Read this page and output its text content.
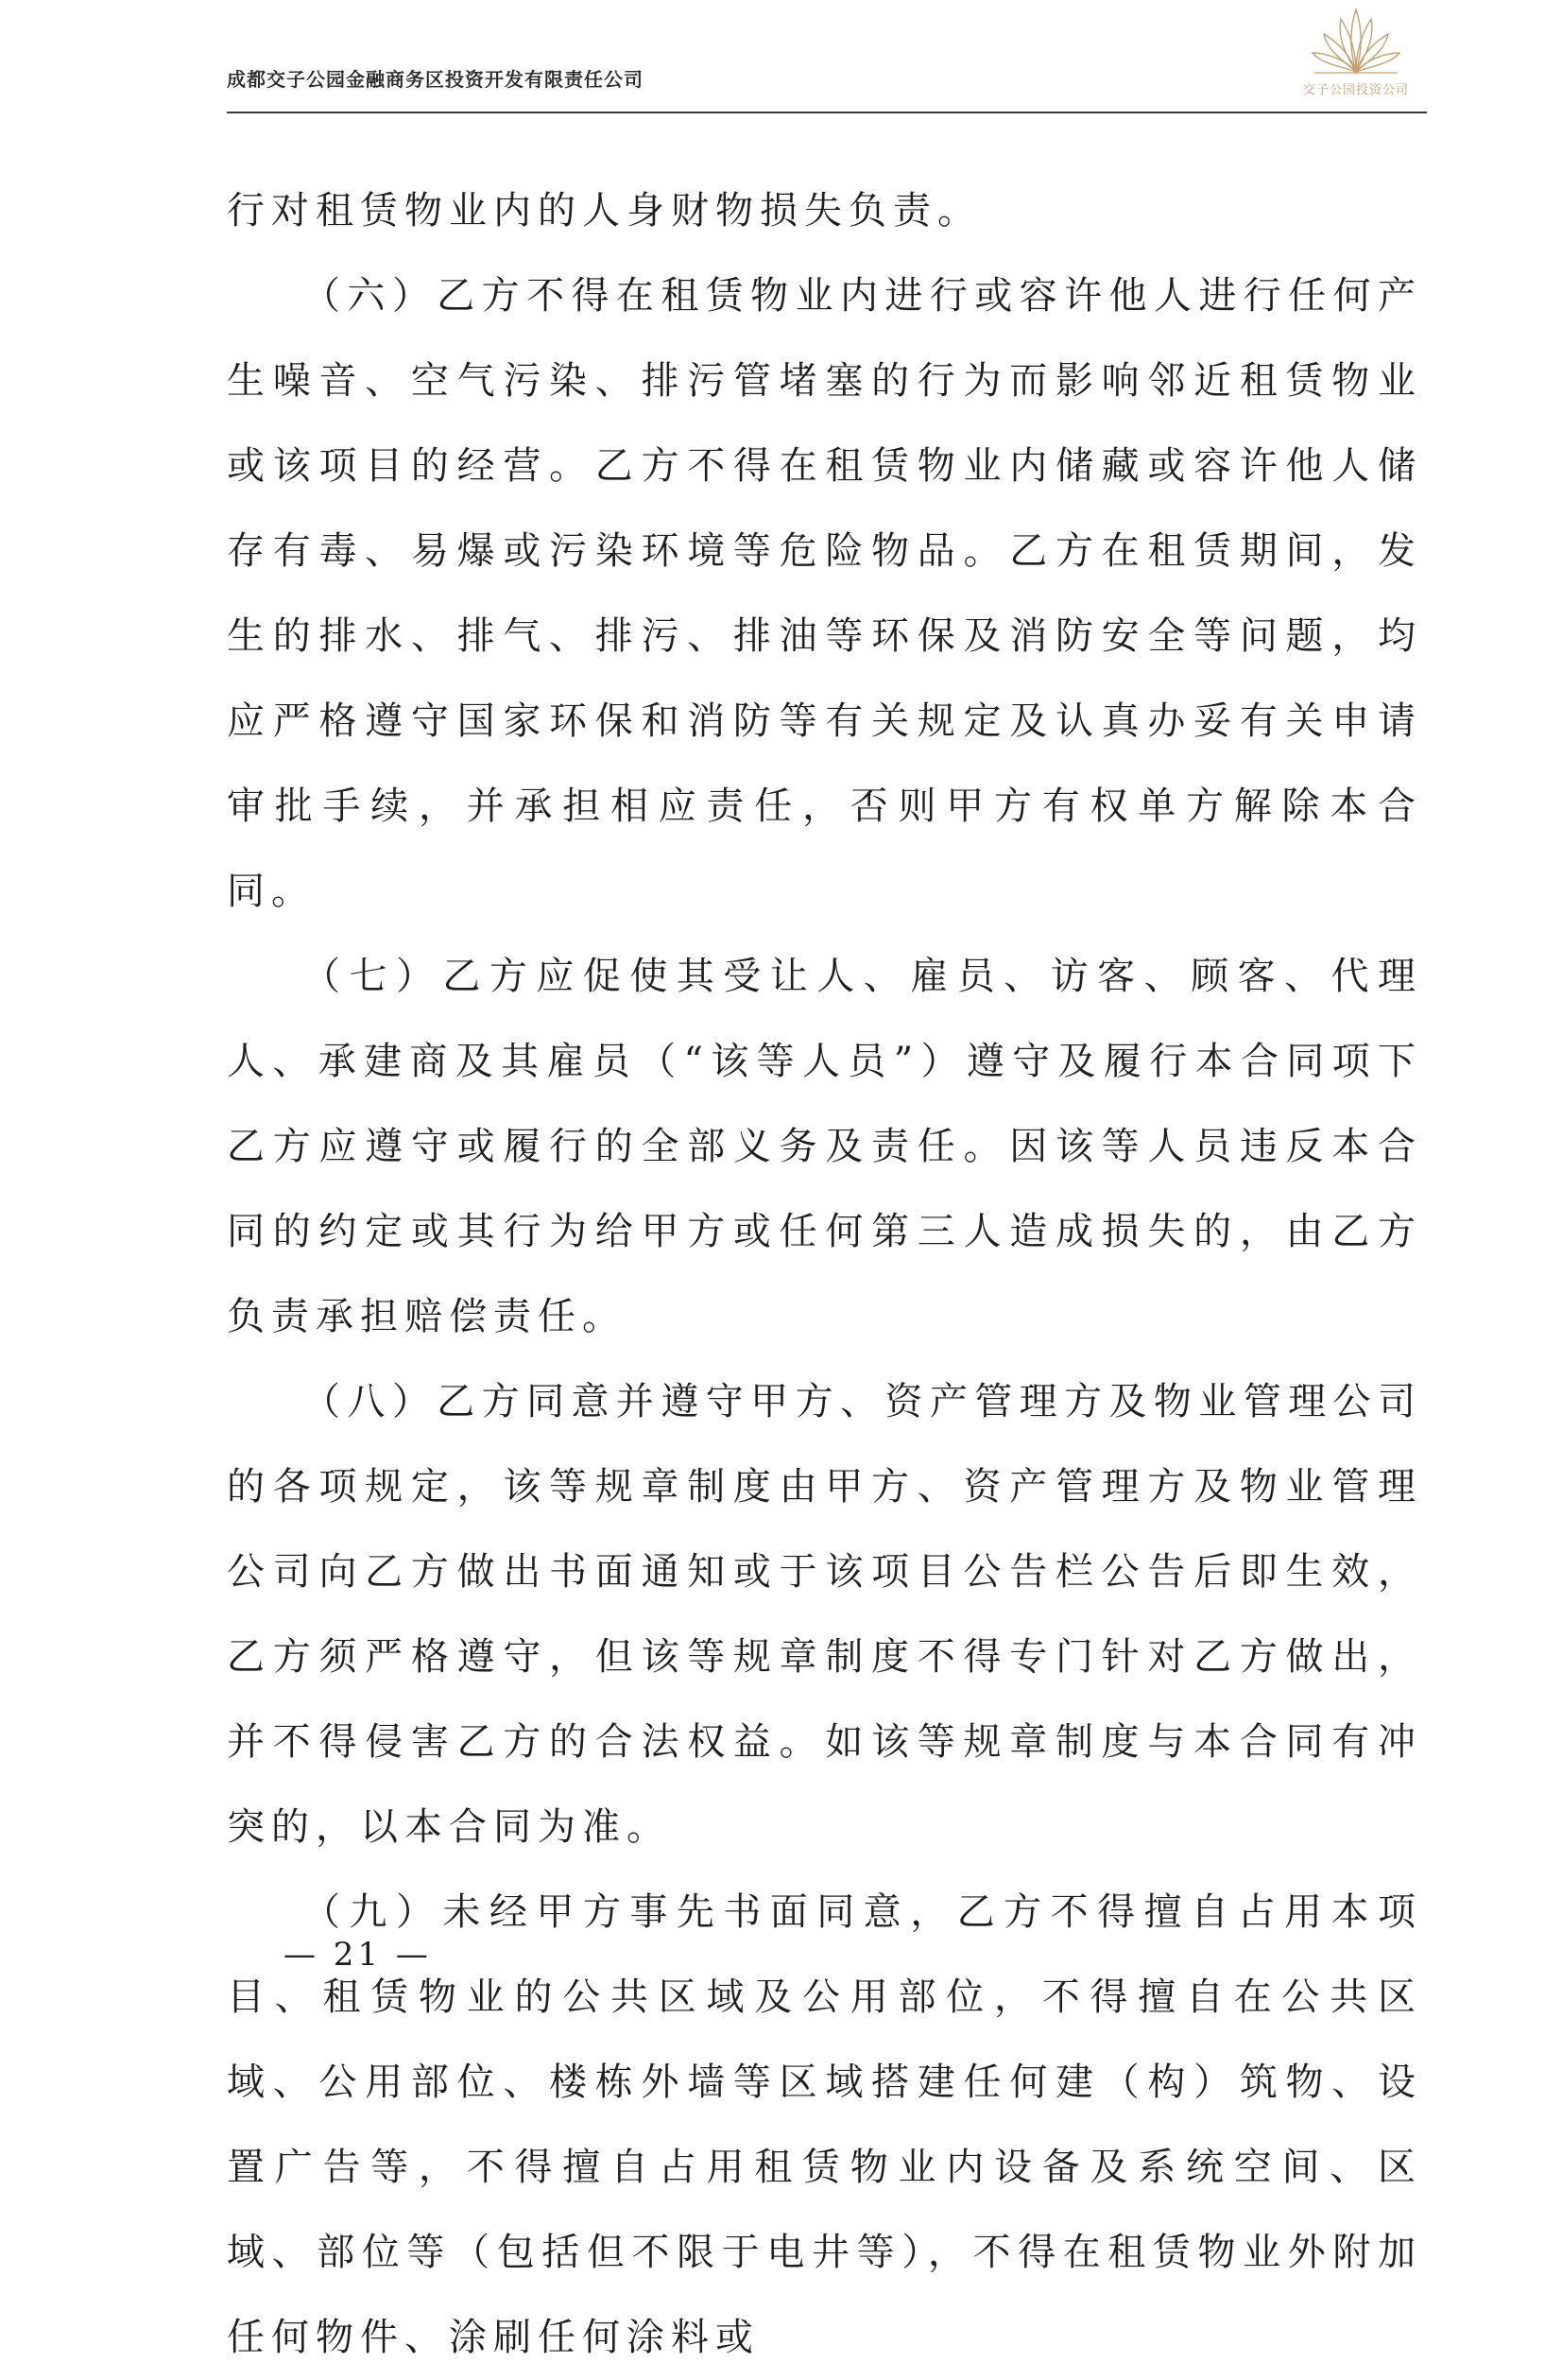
成都交子公园金融商务区投资开发有限责任公司	交子公园投资公司

行对租赁物业内的人身财物损失负责。

（六）乙方不得在租赁物业内进行或容许他人进行任何产生噪音、空气污染、排污管堵塞的行为而影响邻近租赁物业或该项目的经营。乙方不得在租赁物业内储藏或容许他人储存有毒、易爆或污染环境等危险物品。乙方在租赁期间，发生的排水、排气、排污、排油等环保及消防安全等问题，均应严格遵守国家环保和消防等有关规定及认真办妥有关申请审批手续，并承担相应责任，否则甲方有权单方解除本合同。

（七）乙方应促使其受让人、雇员、访客、顾客、代理人、承建商及其雇员（“该等人员”）遵守及履行本合同项下乙方应遵守或履行的全部义务及责任。因该等人员违反本合同的约定或其行为给甲方或任何第三人造成损失的，由乙方负责承担赔偿责任。

（八）乙方同意并遵守甲方、资产管理方及物业管理公司的各项规定，该等规章制度由甲方、资产管理方及物业管理公司向乙方做出书面通知或于该项目公告栏公告后即生效，乙方须严格遵守，但该等规章制度不得专门针对乙方做出，并不得侵害乙方的合法权益。如该等规章制度与本合同有冲突的，以本合同为准。

（九）未经甲方事先书面同意，乙方不得擅自占用本项目、租赁物业的公共区域及公用部位，不得擅自在公共区域、公用部位、楼栋外墙等区域搭建任何建（构）筑物、设置广告等，不得擅自占用租赁物业内设备及系统空间、区域、部位等（包括但不限于电井等），不得在租赁物业外附加任何物件、涂刷任何涂料或

— 21 —
